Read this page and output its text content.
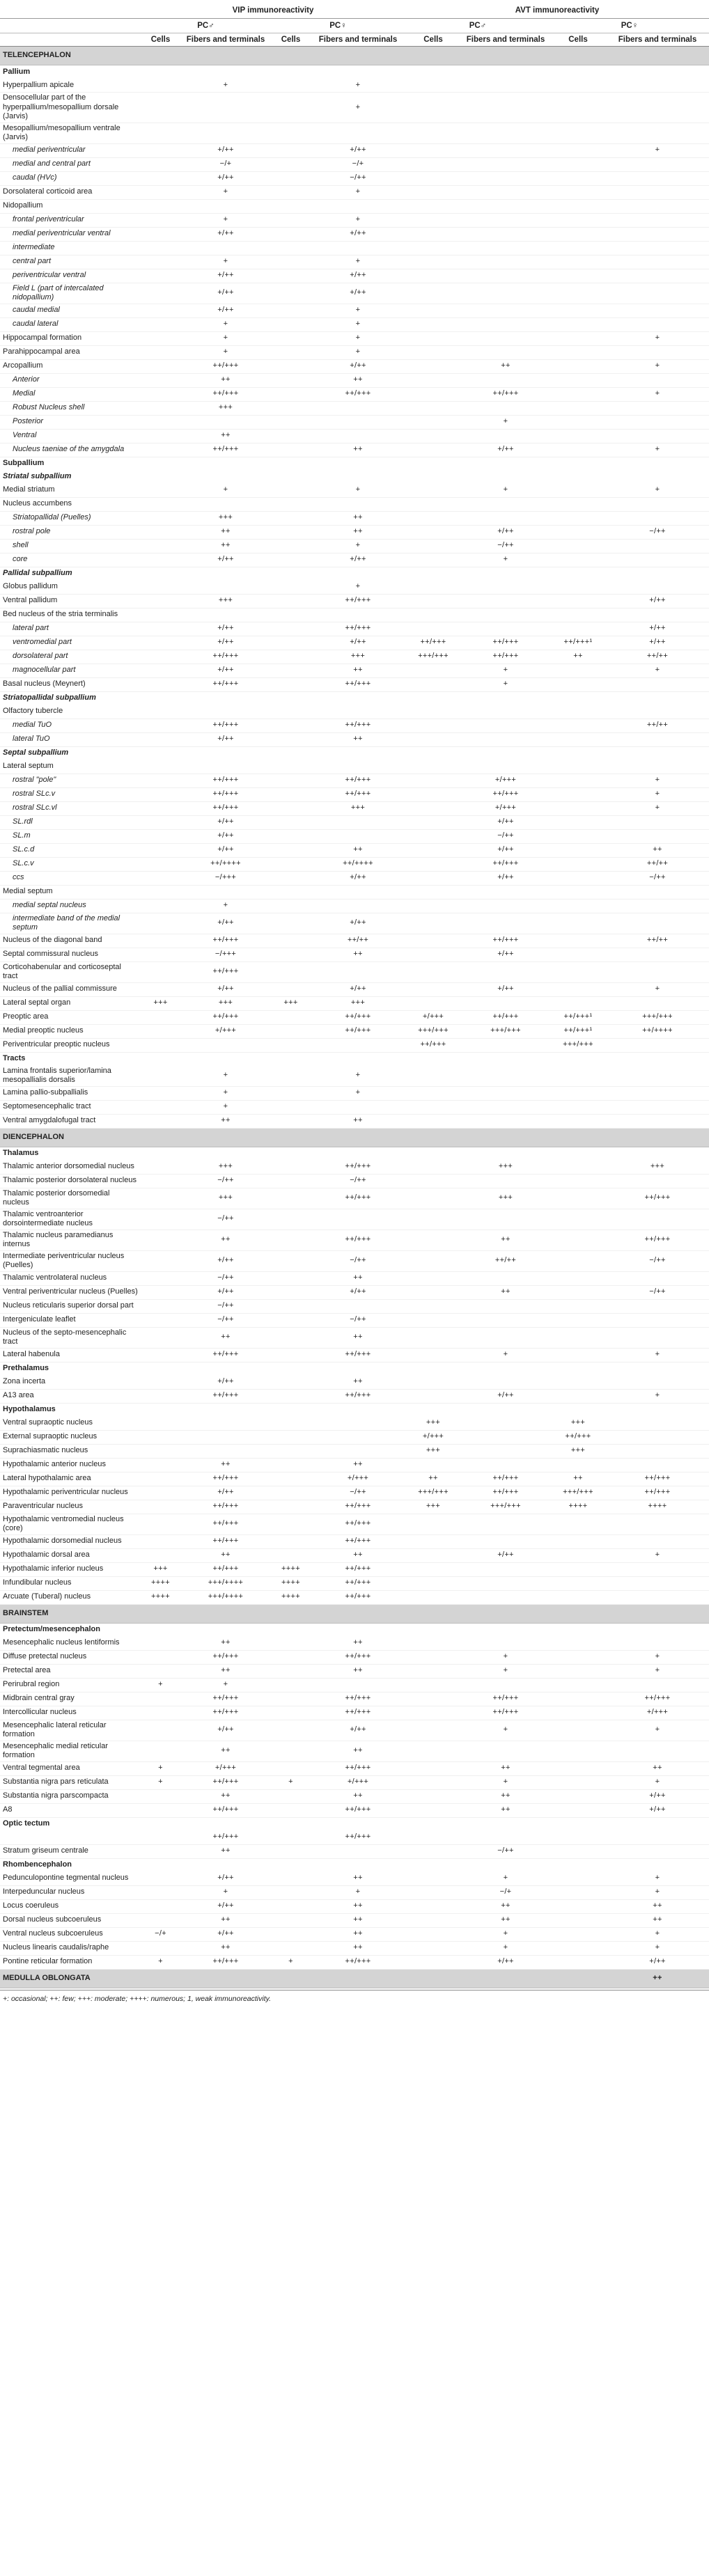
	VIP immunoreactivity				AVT immunoreactivity			
	PC♂		PC♀		PC♂		PC♀	
	Cells	Fibers and terminals	Cells	Fibers and terminals	Cells	Fibers and terminals	Cells	Fibers and terminals
TELENCEPHALON								
Pallium								
Hyperpallium apicale		+		+				
Densocellular part of the hyperpallium/mesopallium dorsale (Jarvis)				+				
Mesopallium/mesopallium ventrale (Jarvis)								
medial periventricular		+/++		+/++				+
medial and central part		−/+		−/+				
caudal (HVc)		+/++		−/++				
Dorsolateral corticoid area		+		+				
Nidopallium								
frontal periventricular		+		+				
medial periventricular ventral		+/++		+/++				
intermediate								
central part		+		+				
periventricular ventral		+/++		+/++				
Field L (part of intercalated nidopallium)		+/++		+/++				
caudal medial		+/++		+				
caudal lateral		+		+				
Hippocampal formation		+		+				+
Parahippocampal area		+		+				
Arcopallium		++/+++		+/++		++		+
Anterior		++		++				
Medial		++/+++		++/+++		++/+++		+
Robust Nucleus shell		+++						
Posterior						+		
Ventral		++						
Nucleus taeniae of the amygdala		++/+++		++		+/++		+
Subpallium								
Striatal subpallium								
Medial striatum		+		+		+		+
Nucleus accumbens								
Striatopallidal (Puelles)		+++		++				
rostral pole		++		++		+/++		−/++
shell		++		+		−/++		
core		+/++		+/++		+		
Pallidal subpallium								
Globus pallidum				+				
Ventral pallidum		+++		++/+++				+/++
Bed nucleus of the stria terminalis								
lateral part		+/++		++/+++				+/++
ventromedial part		+/++		+/++	++/+++	++/+++	++/+++¹	+/++
dorsolateral part		++/+++		+++	+++/+++	++/+++	++	++/++
magnocellular part		+/++		++		+		+
Basal nucleus (Meynert)		++/+++		++/+++		+		
Striatopallidal subpallium								
Olfactory tubercle								
medial TuO		++/+++		++/+++				++/++
lateral TuO		+/++		++				
Septal subpallium								
Lateral septum								
rostral "pole"		++/+++		++/+++		+/+++		+
rostral SLc.v		++/+++		++/+++		++/+++		+
rostral SLc.vl		++/+++		+++		+/+++		+
SL.rdl		+/++				+/++		
SL.m		+/++				−/++		
SL.c.d		+/++		++		+/++		++
SL.c.v		++/++++		++/++++		++/+++		++/++
ccs		−/+++		+/++		+/++		−/++
Medial septum								
medial septal nucleus		+						
intermediate band of the medial septum		+/++		+/++				
Nucleus of the diagonal band		++/+++		++/++		++/+++		++/++
Septal commissural nucleus		−/+++		++		+/++		
Corticohabenular and corticoseptal tract		++/+++						
Nucleus of the pallial commissure		+/++		+/++		+/++		+
Lateral septal organ	+++	+++	+++	+++				
Preoptic area		++/+++		++/+++	+/+++	++/+++	++/+++¹	+++/+++
Medial preoptic nucleus		+/+++		++/+++	+++/+++	+++/+++	++/+++¹	++/++++
Periventricular preoptic nucleus					++/+++		+++/+++	
Tracts								
Lamina frontalis superior/lamina mesopallialis dorsalis		+		+				
Lamina pallio-subpallialis		+		+				
Septomesencephalic tract		+						
Ventral amygdalofugal tract		++		++				
DIENCEPHALON								
Thalamus								
Thalamic anterior dorsomedial nucleus		+++		++/+++		+++		+++
Thalamic posterior dorsolateral nucleus		−/++		−/++				
Thalamic posterior dorsomedial nucleus		+++		++/+++		+++		++/+++
Thalamic ventroanterior dorsointermediate nucleus		−/++						
Thalamic nucleus paramedianus internus		++		++/+++		++		++/+++
Intermediate periventricular nucleus (Puelles)		+/++		−/++		++/++		−/++
Thalamic ventrolateral nucleus		−/++		++				
Ventral periventricular nucleus (Puelles)		+/++		+/++		++		−/++
Nucleus reticularis superior dorsal part		−/++						
Intergeniculate leaflet		−/++		−/++				
Nucleus of the septo-mesencephalic tract		++		++				
Lateral habenula		++/+++		++/+++		+		+
Prethalamus								
Zona incerta		+/++		++				
A13 area		++/+++		++/+++		+/++		+
Hypothalamus								
Ventral supraoptic nucleus					+++		+++	
External supraoptic nucleus					+/+++		++/+++	
Suprachiasmatic nucleus					+++		+++	
Hypothalamic anterior nucleus		++		++				
Lateral hypothalamic area		++/+++		+/+++	++	++/+++	++	++/+++
Hypothalamic periventricular nucleus		+/++		−/++	+++/+++	++/+++	+++/+++	++/+++
Paraventricular nucleus		++/+++		++/+++	+++	+++/+++	++++	++++
Hypothalamic ventromedial nucleus (core)		++/+++		++/+++				
Hypothalamic dorsomedial nucleus		++/+++		++/+++				
Hypothalamic dorsal area		++		++		+/++		+
Hypothalamic inferior nucleus	+++	++/+++	++++	++/+++				
Infundibular nucleus	++++	+++/++++	++++	++/+++				
Arcuate (Tuberal) nucleus	++++	+++/++++	++++	++/+++				
BRAINSTEM								
Pretectum/mesencephalon								
Mesencephalic nucleus lentiformis		++		++				
Diffuse pretectal nucleus		++/+++		++/+++		+		+
Pretectal area		++		++		+		+
Perirubral region	+	+						
Midbrain central gray		++/+++		++/+++		++/+++		++/+++
Intercollicular nucleus		++/+++		++/+++		++/+++		+/+++
Mesencephalic lateral reticular formation		+/++		+/++		+		+
Mesencephalic medial reticular formation		++		++				
Ventral tegmental area	+	+/+++		++/+++		++		++
Substantia nigra pars reticulata	+	++/+++	+	+/+++		+		+
Substantia nigra parscompacta		++		++		++		+/++
A8		++/+++		++/+++		++		+/++
Optic tectum								
		++/+++		++/+++				
Stratum griseum centrale		++				−/++		
Rhombencephalon								
Pedunculopontine tegmental nucleus		+/++		++		+		+
Interpeduncular nucleus		+		+		−/+		+
Locus coeruleus		+/++		++		++		++
Dorsal nucleus subcoeruleus		++		++		++		++
Ventral nucleus subcoeruleus	−/+	+/++		++		+		+
Nucleus linearis caudalis/raphe		++		++		+		+
Pontine reticular formation	+	++/+++	+	++/+++		+/++		+/++
MEDULLA OBLONGATA								++
+: occasional; ++: few; +++: moderate; ++++: numerous; 1, weak immunoreactivity.
